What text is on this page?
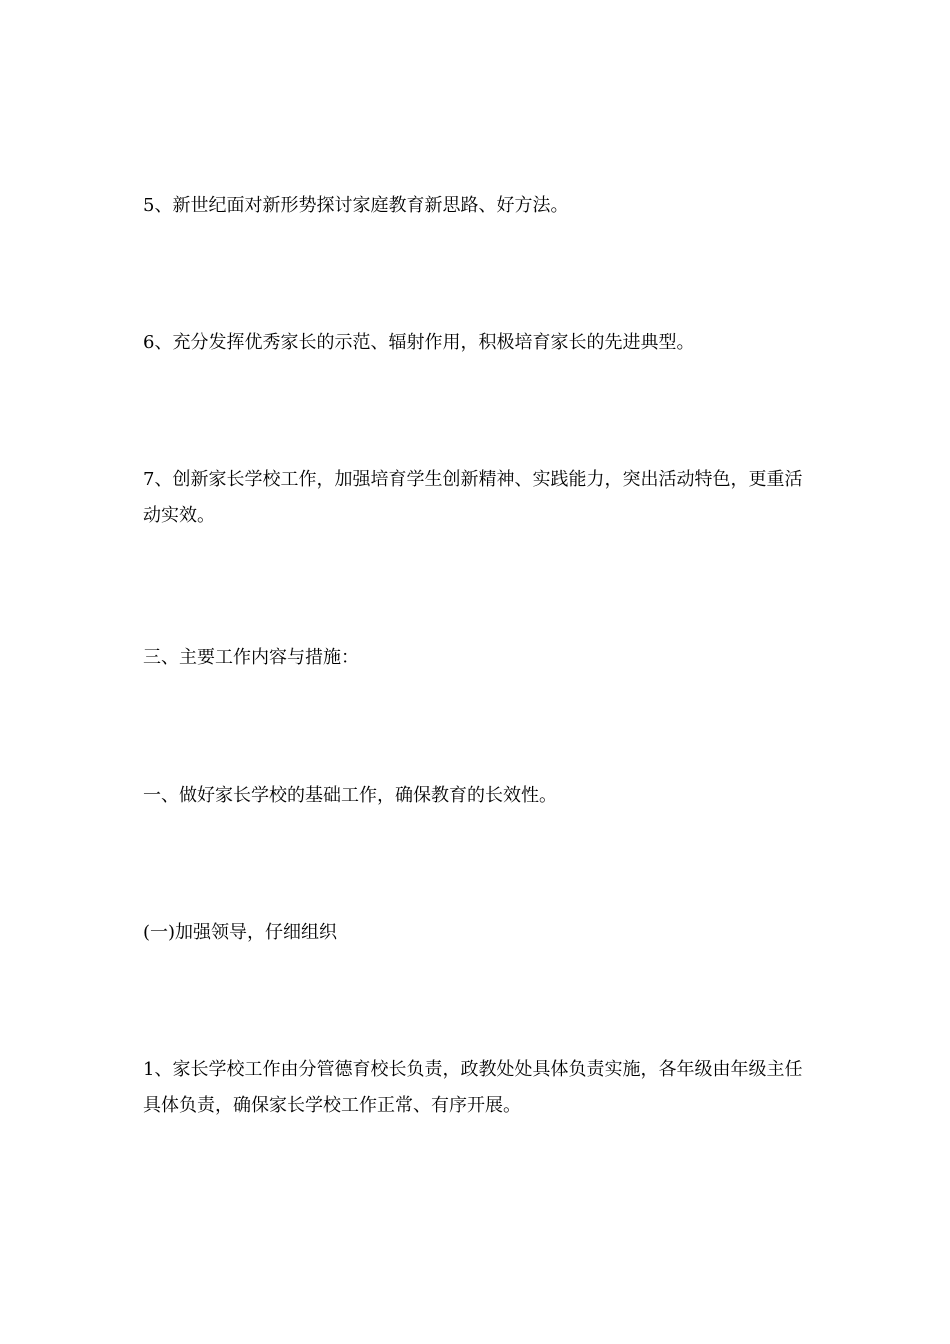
5、新世纪面对新形势探讨家庭教育新思路、好方法。

6、充分发挥优秀家长的示范、辐射作用，积极培育家长的先进典型。

7、创新家长学校工作，加强培育学生创新精神、实践能力，突出活动特色，更重活动实效。

三、主要工作内容与措施：

一、做好家长学校的基础工作，确保教育的长效性。

(一)加强领导，仔细组织

1、家长学校工作由分管德育校长负责，政教处处具体负责实施，各年级由年级主任具体负责，确保家长学校工作正常、有序开展。
